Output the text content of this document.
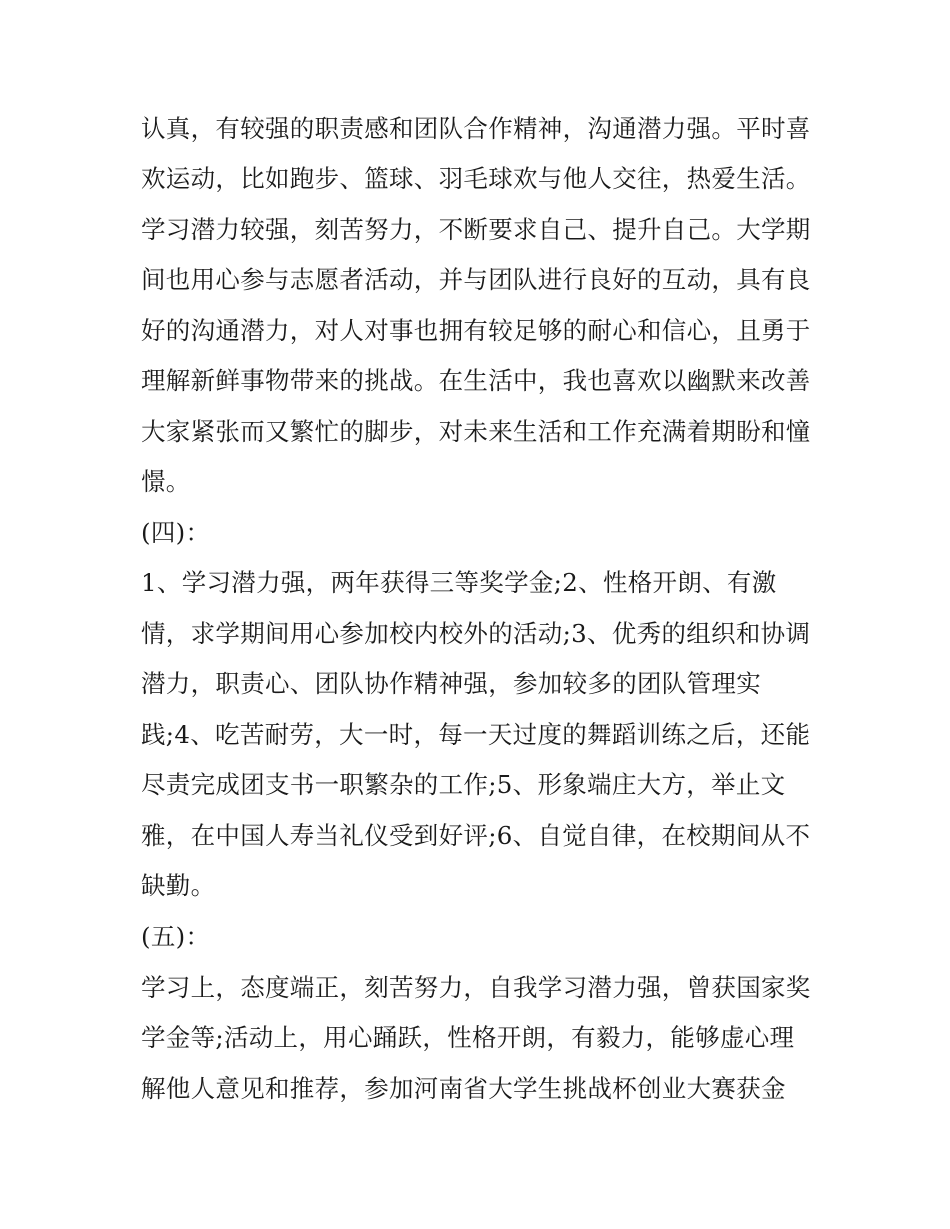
认真，有较强的职责感和团队合作精神，沟通潜力强。平时喜
欢运动，比如跑步、篮球、羽毛球欢与他人交往，热爱生活。
学习潜力较强，刻苦努力，不断要求自己、提升自己。大学期
间也用心参与志愿者活动，并与团队进行良好的互动，具有良
好的沟通潜力，对人对事也拥有较足够的耐心和信心，且勇于
理解新鲜事物带来的挑战。在生活中，我也喜欢以幽默来改善
大家紧张而又繁忙的脚步，对未来生活和工作充满着期盼和憧
憬。
(四)：
1、学习潜力强，两年获得三等奖学金;2、性格开朗、有激
情，求学期间用心参加校内校外的活动;3、优秀的组织和协调
潜力，职责心、团队协作精神强，参加较多的团队管理实
践;4、吃苦耐劳，大一时，每一天过度的舞蹈训练之后，还能
尽责完成团支书一职繁杂的工作;5、形象端庄大方，举止文
雅，在中国人寿当礼仪受到好评;6、自觉自律，在校期间从不
缺勤。
(五)：
学习上，态度端正，刻苦努力，自我学习潜力强，曾获国家奖
学金等;活动上，用心踊跃，性格开朗，有毅力，能够虚心理
解他人意见和推荐，参加河南省大学生挑战杯创业大赛获金
